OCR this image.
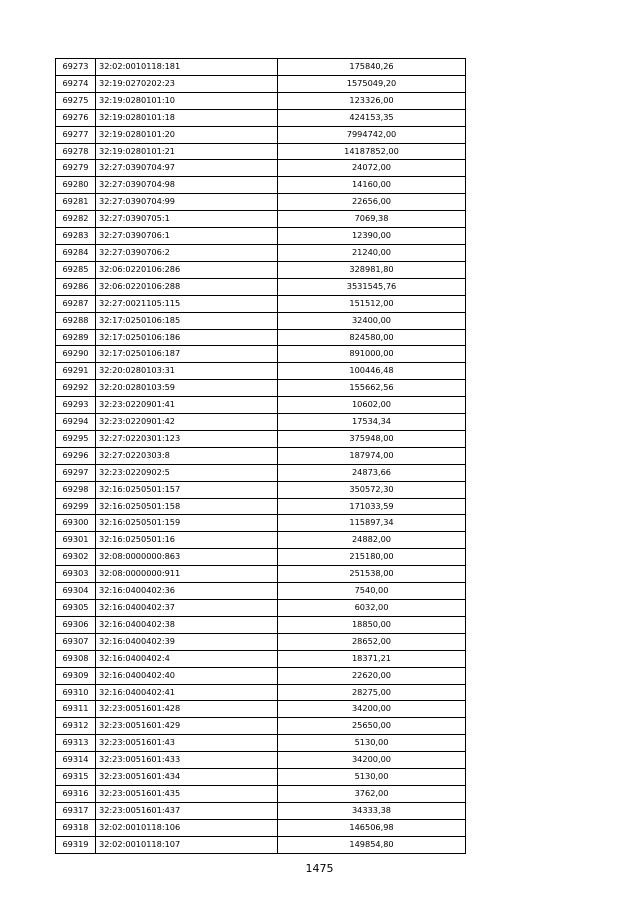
69273	32:02:0010118:181	175840,26
69274	32:19:0270202:23	1575049,20
69275	32:19:0280101:10	123326,00
69276	32:19:0280101:18	424153,35
69277	32:19:0280101:20	7994742,00
69278	32:19:0280101:21	14187852,00
69279	32:27:0390704:97	24072,00
69280	32:27:0390704:98	14160,00
69281	32:27:0390704:99	22656,00
69282	32:27:0390705:1	7069,38
69283	32:27:0390706:1	12390,00
69284	32:27:0390706:2	21240,00
69285	32:06:0220106:286	328981,80
69286	32:06:0220106:288	3531545,76
69287	32:27:0021105:115	151512,00
69288	32:17:0250106:185	32400,00
69289	32:17:0250106:186	824580,00
69290	32:17:0250106:187	891000,00
69291	32:20:0280103:31	100446,48
69292	32:20:0280103:59	155662,56
69293	32:23:0220901:41	10602,00
69294	32:23:0220901:42	17534,34
69295	32:27:0220301:123	375948,00
69296	32:27:0220303:8	187974,00
69297	32:23:0220902:5	24873,66
69298	32:16:0250501:157	350572,30
69299	32:16:0250501:158	171033,59
69300	32:16:0250501:159	115897,34
69301	32:16:0250501:16	24882,00
69302	32:08:0000000:863	215180,00
69303	32:08:0000000:911	251538,00
69304	32:16:0400402:36	7540,00
69305	32:16:0400402:37	6032,00
69306	32:16:0400402:38	18850,00
69307	32:16:0400402:39	28652,00
69308	32:16:0400402:4	18371,21
69309	32:16:0400402:40	22620,00
69310	32:16:0400402:41	28275,00
69311	32:23:0051601:428	34200,00
69312	32:23:0051601:429	25650,00
69313	32:23:0051601:43	5130,00
69314	32:23:0051601:433	34200,00
69315	32:23:0051601:434	5130,00
69316	32:23:0051601:435	3762,00
69317	32:23:0051601:437	34333,38
69318	32:02:0010118:106	146506,98
69319	32:02:0010118:107	149854,80
1475
